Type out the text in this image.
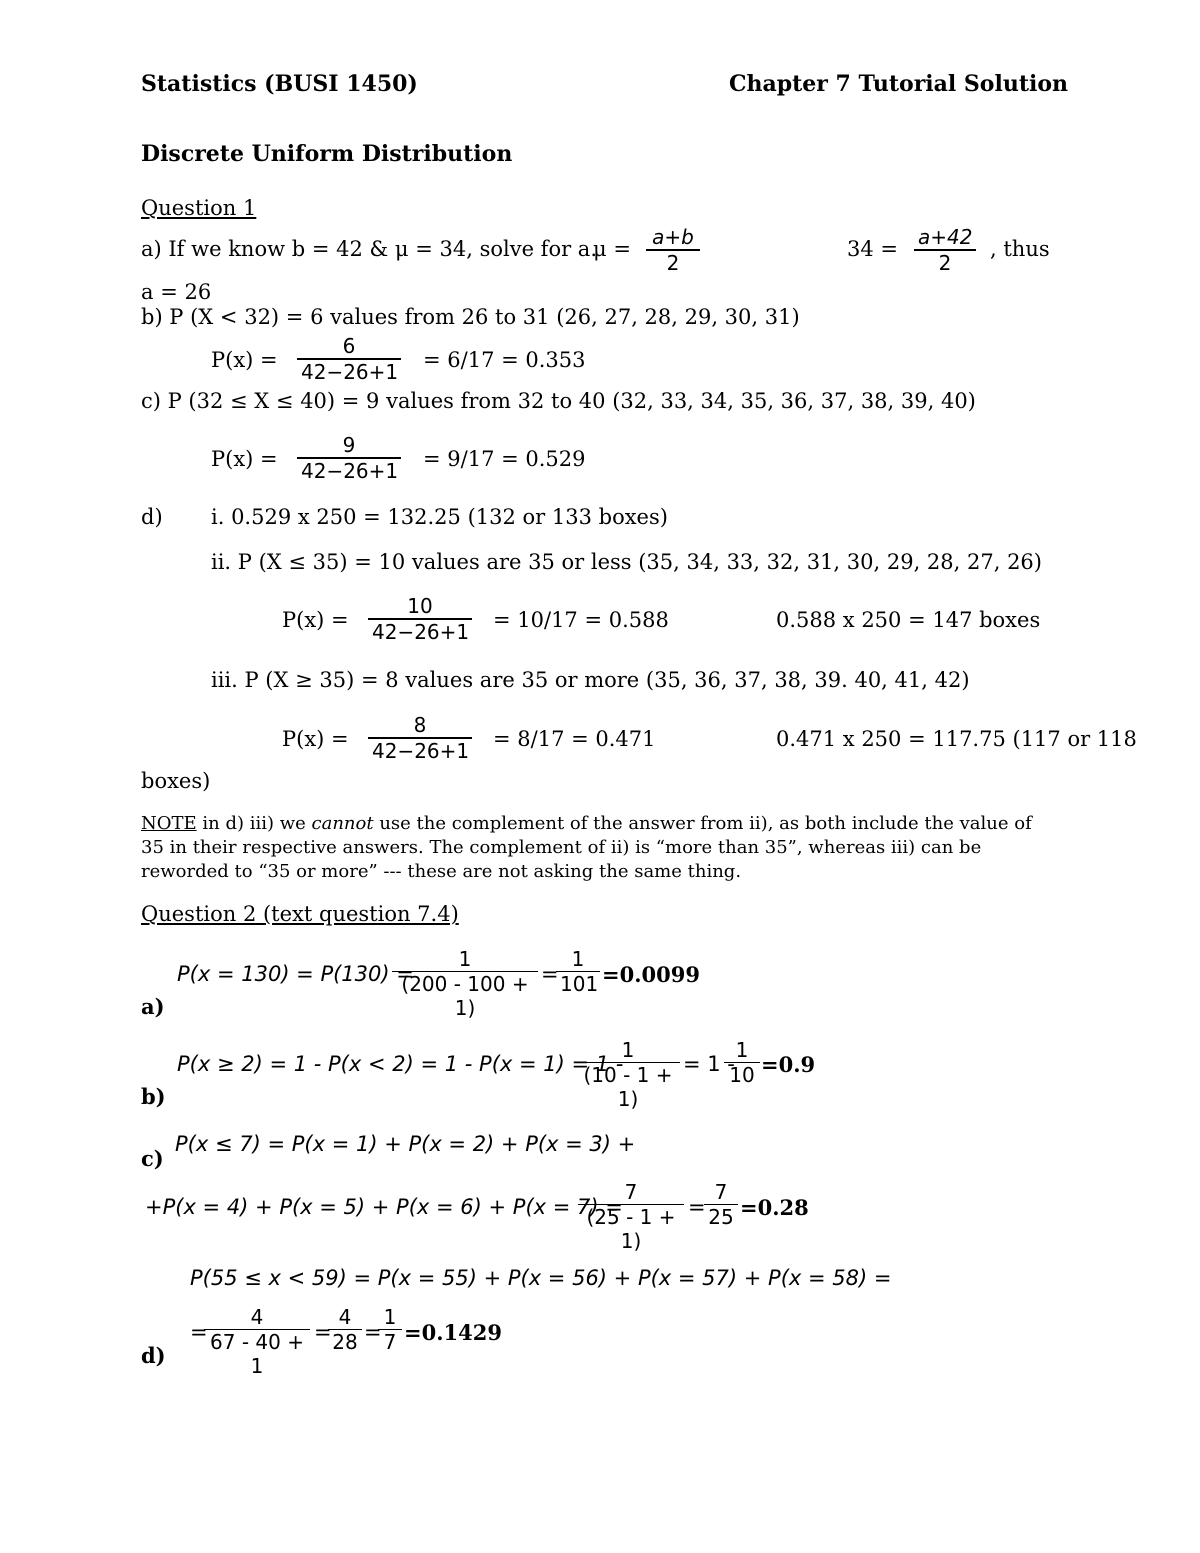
Statistics (BUSI 1450)	Chapter 7 Tutorial Solution
Discrete Uniform Distribution
Question 1
a) If we know b = 42 & μ = 34, solve for a.
$\mu = \frac{a+b}{2}$	$34 = \frac{a+42}{2}$ , thus
a = 26
b) P (X < 32) = 6 values from 26 to 31 (26, 27, 28, 29, 30, 31)
$P(x) = \frac{6}{42-26+1} = 6/17 = 0.353$
c) P (32 ≤ X ≤ 40) = 9 values from 32 to 40 (32, 33, 34, 35, 36, 37, 38, 39, 40)
$P(x) = \frac{9}{42-26+1} = 9/17 = 0.529$
d) i. 0.529 x 250 = 132.25 (132 or 133 boxes)
ii. P (X ≤ 35) = 10 values are 35 or less (35, 34, 33, 32, 31, 30, 29, 28, 27, 26)
$P(x) = \frac{10}{42-26+1} = 10/17 = 0.588$	0.588 x 250 = 147 boxes
iii. P (X ≥ 35) = 8 values are 35 or more (35, 36, 37, 38, 39. 40, 41, 42)
$P(x) = \frac{8}{42-26+1} = 8/17 = 0.471$	0.471 x 250 = 117.75 (117 or 118
boxes)
NOTE in d) iii) we cannot use the complement of the answer from ii), as both include the value of 35 in their respective answers. The complement of ii) is “more than 35”, whereas iii) can be reworded to “35 or more” --- these are not asking the same thing.
Question 2 (text question 7.4)
P(x = 130) = P(130) =
$\frac{1}{(200 - 100 + 1)}$ =
$\frac{1}{101} =0.0099$
a)
P(x ≥ 2) = 1 - P(x < 2) = 1 - P(x = 1) = 1 -
$\frac{1}{(10 - 1 + 1)} = 1$ -
$\frac{1}{10} =0.9$
b)
P(x ≤ 7) = P(x = 1) + P(x = 2) + P(x = 3) +
c)
+P(x = 4) + P(x = 5) + P(x = 6) + P(x = 7) =
$\frac{7}{(25 - 1 + 1)}$ =
$\frac{7}{25} =0.28$
P(55 ≤ x < 59) = P(x = 55) + P(x = 56) + P(x = 57) + P(x = 58) =
=
$\frac{4}{67 - 40 + 1}$ =
$\frac{4}{28}$ =
$\frac{1}{7} =0.1429$
d)
